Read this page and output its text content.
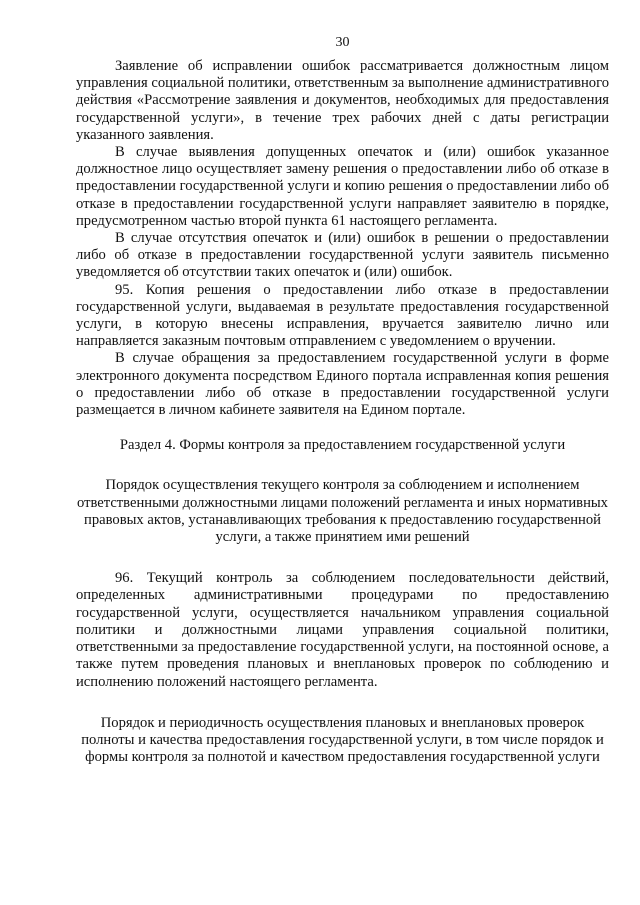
30

Заявление об исправлении ошибок рассматривается должностным лицом управления социальной политики, ответственным за выполнение административного действия «Рассмотрение заявления и документов, необходимых для предоставления государственной услуги», в течение трех рабочих дней с даты регистрации указанного заявления.

В случае выявления допущенных опечаток и (или) ошибок указанное должностное лицо осуществляет замену решения о предоставлении либо об отказе в предоставлении государственной услуги и копию решения о предоставлении либо об отказе в предоставлении государственной услуги направляет заявителю в порядке, предусмотренном частью второй пункта 61 настоящего регламента.

В случае отсутствия опечаток и (или) ошибок в решении о предоставлении либо об отказе в предоставлении государственной услуги заявитель письменно уведомляется об отсутствии таких опечаток и (или) ошибок.

95. Копия решения о предоставлении либо отказе в предоставлении государственной услуги, выдаваемая в результате предоставления государственной услуги, в которую внесены исправления, вручается заявителю лично или направляется заказным почтовым отправлением с уведомлением о вручении.

В случае обращения за предоставлением государственной услуги в форме электронного документа посредством Единого портала исправленная копия решения о предоставлении либо об отказе в предоставлении государственной услуги размещается в личном кабинете заявителя на Едином портале.

Раздел 4. Формы контроля за предоставлением государственной услуги

Порядок осуществления текущего контроля за соблюдением и исполнением ответственными должностными лицами положений регламента и иных нормативных правовых актов, устанавливающих требования к предоставлению государственной услуги, а также принятием ими решений

96. Текущий контроль за соблюдением последовательности действий, определенных административными процедурами по предоставлению государственной услуги, осуществляется начальником управления социальной политики и должностными лицами управления социальной политики, ответственными за предоставление государственной услуги, на постоянной основе, а также путем проведения плановых и внеплановых проверок по соблюдению и исполнению положений настоящего регламента.

Порядок и периодичность осуществления плановых и внеплановых проверок полноты и качества предоставления государственной услуги, в том числе порядок и формы контроля за полнотой и качеством предоставления государственной услуги
